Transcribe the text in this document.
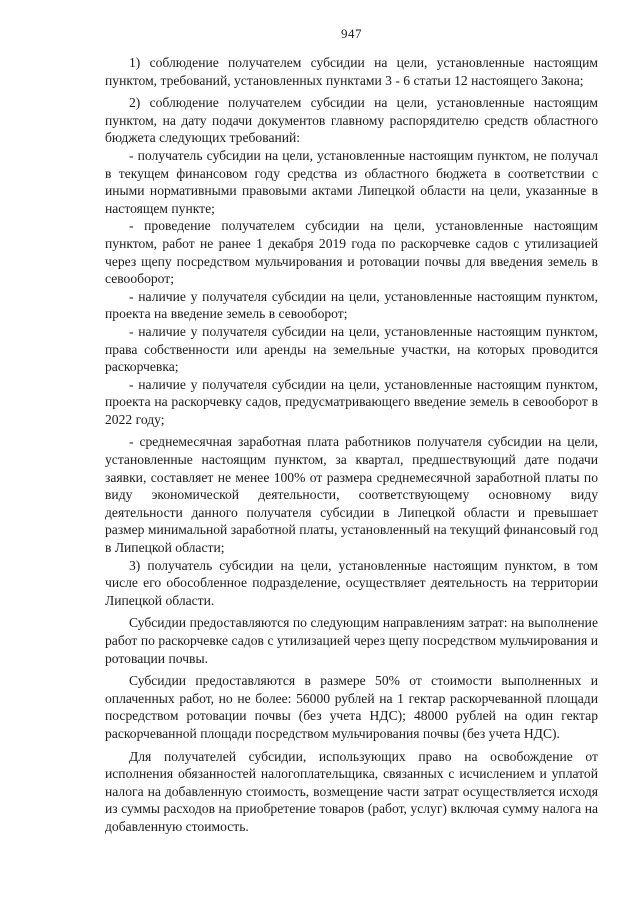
947

1) соблюдение получателем субсидии на цели, установленные настоящим пунктом, требований, установленных пунктами 3 - 6 статьи 12 настоящего Закона;

2) соблюдение получателем субсидии на цели, установленные настоящим пунктом, на дату подачи документов главному распорядителю средств областного бюджета следующих требований:

- получатель субсидии на цели, установленные настоящим пунктом, не получал в текущем финансовом году средства из областного бюджета в соответствии с иными нормативными правовыми актами Липецкой области на цели, указанные в настоящем пункте;

- проведение получателем субсидии на цели, установленные настоящим пунктом, работ не ранее 1 декабря 2019 года по раскорчевке садов с утилизацией через щепу посредством мульчирования и ротовации почвы для введения земель в севооборот;

- наличие у получателя субсидии на цели, установленные настоящим пунктом, проекта на введение земель в севооборот;

- наличие у получателя субсидии на цели, установленные настоящим пунктом, права собственности или аренды на земельные участки, на которых проводится раскорчевка;

- наличие у получателя субсидии на цели, установленные настоящим пунктом, проекта на раскорчевку садов, предусматривающего введение земель в севооборот в 2022 году;

- среднемесячная заработная плата работников получателя субсидии на цели, установленные настоящим пунктом, за квартал, предшествующий дате подачи заявки, составляет не менее 100% от размера среднемесячной заработной платы по виду экономической деятельности, соответствующему основному виду деятельности данного получателя субсидии в Липецкой области и превышает размер минимальной заработной платы, установленный на текущий финансовый год в Липецкой области;

3) получатель субсидии на цели, установленные настоящим пунктом, в том числе его обособленное подразделение, осуществляет деятельность на территории Липецкой области.

Субсидии предоставляются по следующим направлениям затрат: на выполнение работ по раскорчевке садов с утилизацией через щепу посредством мульчирования и ротовации почвы.

Субсидии предоставляются в размере 50% от стоимости выполненных и оплаченных работ, но не более: 56000 рублей на 1 гектар раскорчеванной площади посредством ротовации почвы (без учета НДС); 48000 рублей на один гектар раскорчеванной площади посредством мульчирования почвы (без учета НДС).

Для получателей субсидии, использующих право на освобождение от исполнения обязанностей налогоплательщика, связанных с исчислением и уплатой налога на добавленную стоимость, возмещение части затрат осуществляется исходя из суммы расходов на приобретение товаров (работ, услуг) включая сумму налога на добавленную стоимость.
